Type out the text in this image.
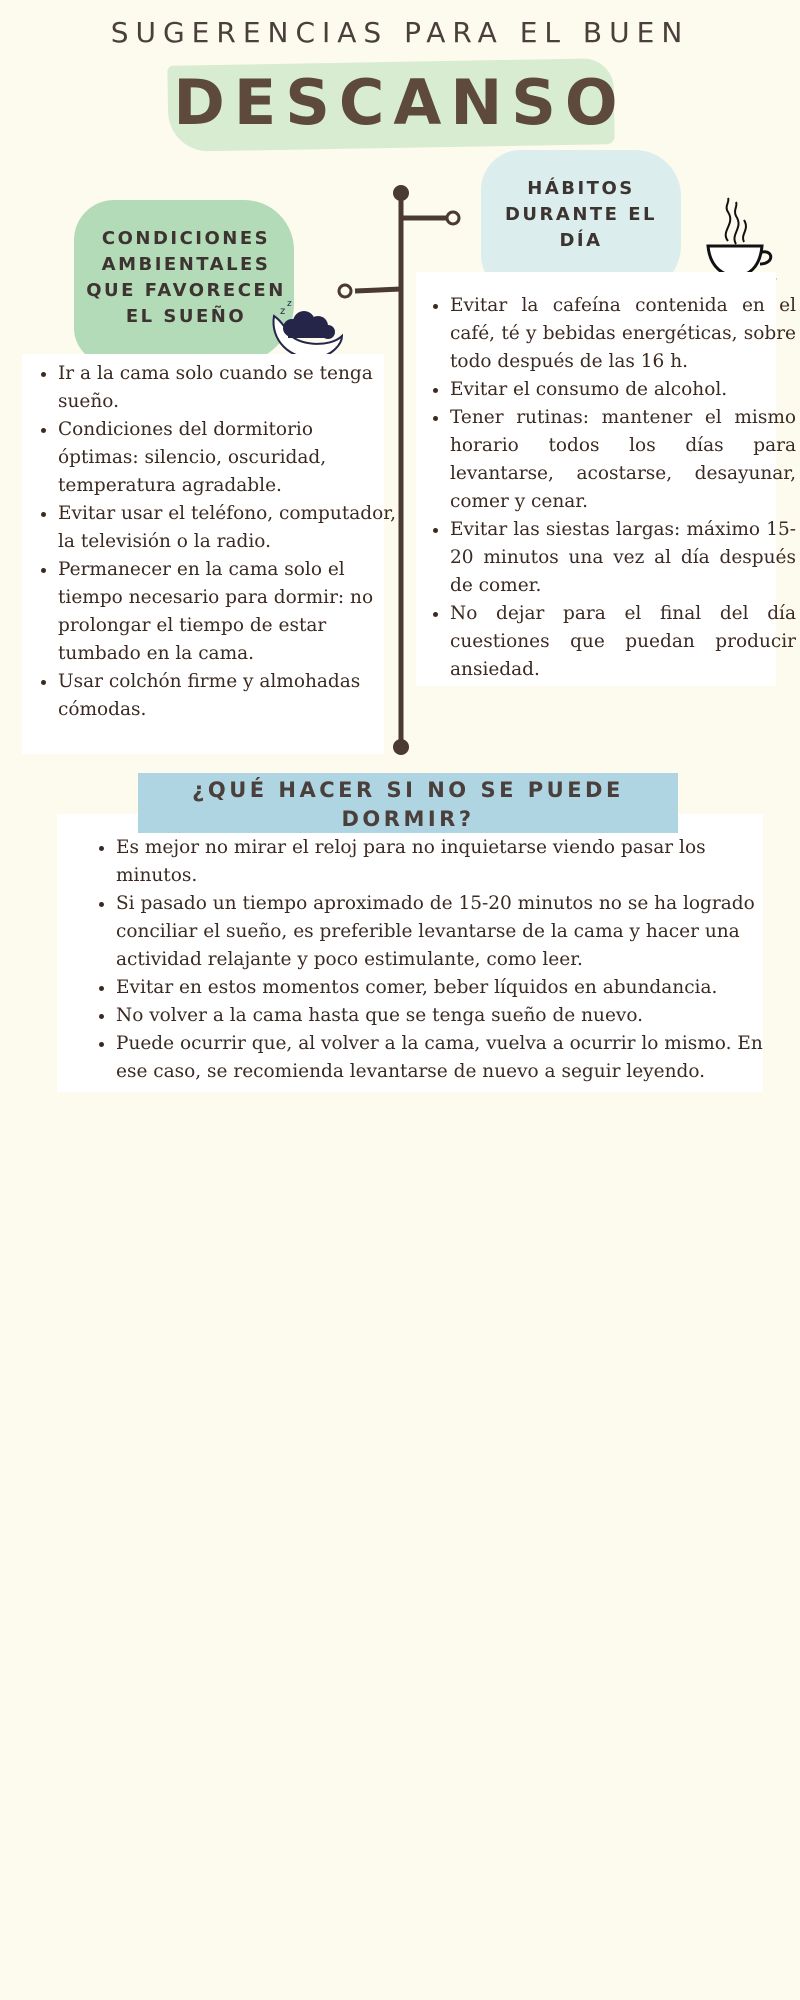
SUGERENCIAS PARA EL BUEN
DESCANSO
CONDICIONES AMBIENTALES QUE FAVORECEN EL SUEÑO
HÁBITOS DURANTE EL DÍA
z
z
• Ir a la cama solo cuando se tenga sueño.
• Condiciones del dormitorio óptimas: silencio, oscuridad, temperatura agradable.
• Evitar usar el teléfono, computador, la televisión o la radio.
• Permanecer en la cama solo el tiempo necesario para dormir: no prolongar el tiempo de estar tumbado en la cama.
• Usar colchón firme y almohadas cómodas.
• Evitar la cafeína contenida en el café, té y bebidas energéticas, sobre todo después de las 16 h.
• Evitar el consumo de alcohol.
• Tener rutinas: mantener el mismo horario todos los días para levantarse, acostarse, desayunar, comer y cenar.
• Evitar las siestas largas: máximo 15-20 minutos una vez al día después de comer.
• No dejar para el final del día cuestiones que puedan producir ansiedad.
¿QUÉ HACER SI NO SE PUEDE DORMIR?
• Es mejor no mirar el reloj para no inquietarse viendo pasar los minutos.
• Si pasado un tiempo aproximado de 15-20 minutos no se ha logrado conciliar el sueño, es preferible levantarse de la cama y hacer una actividad relajante y poco estimulante, como leer.
• Evitar en estos momentos comer, beber líquidos en abundancia.
• No volver a la cama hasta que se tenga sueño de nuevo.
• Puede ocurrir que, al volver a la cama, vuelva a ocurrir lo mismo. En ese caso, se recomienda levantarse de nuevo a seguir leyendo.
